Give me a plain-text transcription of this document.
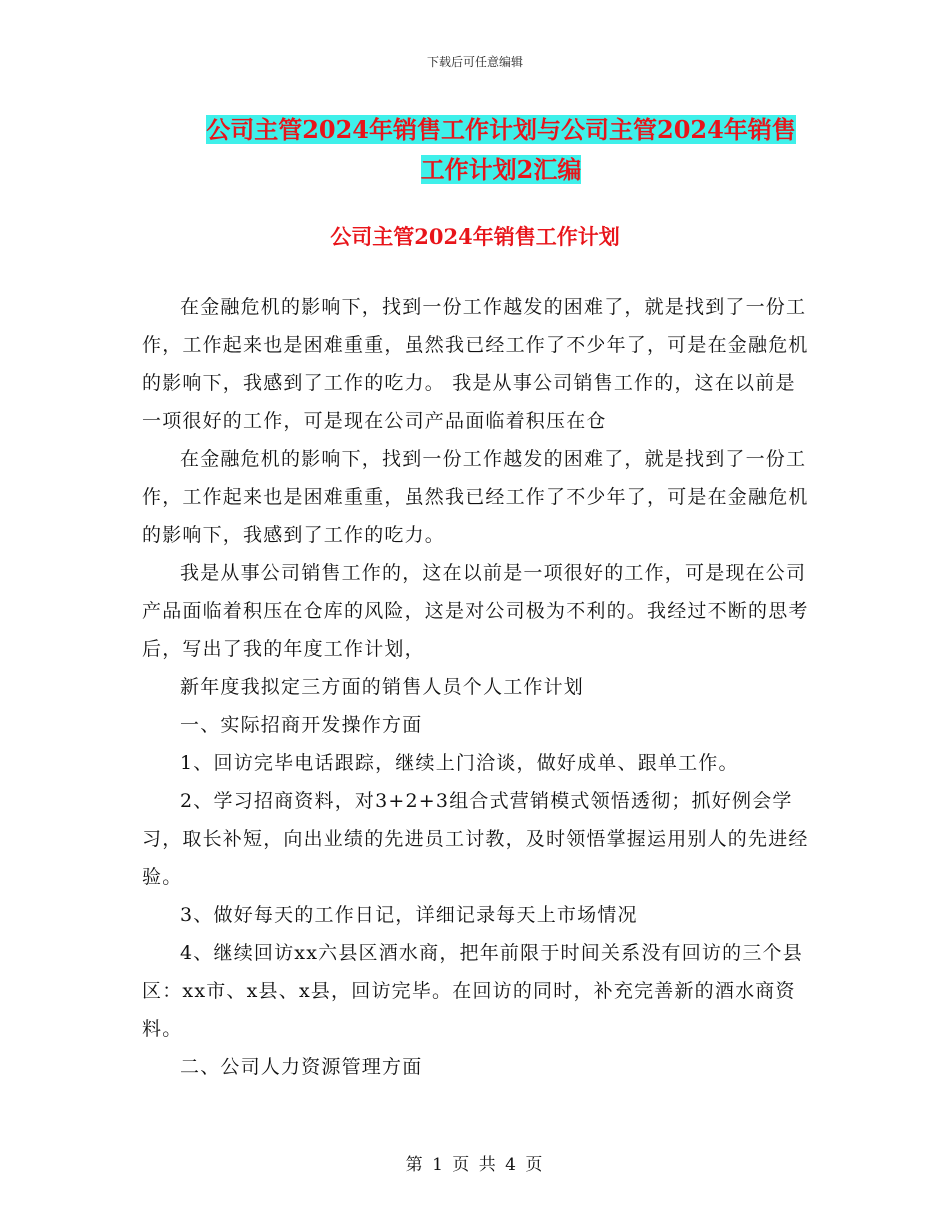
下载后可任意编辑
公司主管2024年销售工作计划与公司主管2024年销售工作计划2汇编
公司主管2024年销售工作计划

在金融危机的影响下，找到一份工作越发的困难了，就是找到了一份工作，工作起来也是困难重重，虽然我已经工作了不少年了，可是在金融危机的影响下，我感到了工作的吃力。 我是从事公司销售工作的，这在以前是一项很好的工作，可是现在公司产品面临着积压在仓

在金融危机的影响下，找到一份工作越发的困难了，就是找到了一份工作，工作起来也是困难重重，虽然我已经工作了不少年了，可是在金融危机的影响下，我感到了工作的吃力。

我是从事公司销售工作的，这在以前是一项很好的工作，可是现在公司产品面临着积压在仓库的风险，这是对公司极为不利的。我经过不断的思考后，写出了我的年度工作计划，

新年度我拟定三方面的销售人员个人工作计划

一、实际招商开发操作方面

1、回访完毕电话跟踪，继续上门洽谈，做好成单、跟单工作。

2、学习招商资料，对3+2+3组合式营销模式领悟透彻；抓好例会学习，取长补短，向出业绩的先进员工讨教，及时领悟掌握运用别人的先进经验。

3、做好每天的工作日记，详细记录每天上市场情况

4、继续回访xx六县区酒水商，把年前限于时间关系没有回访的三个县区：xx市、x县、x县，回访完毕。在回访的同时，补充完善新的酒水商资料。

二、公司人力资源管理方面

第 1 页 共 4 页
